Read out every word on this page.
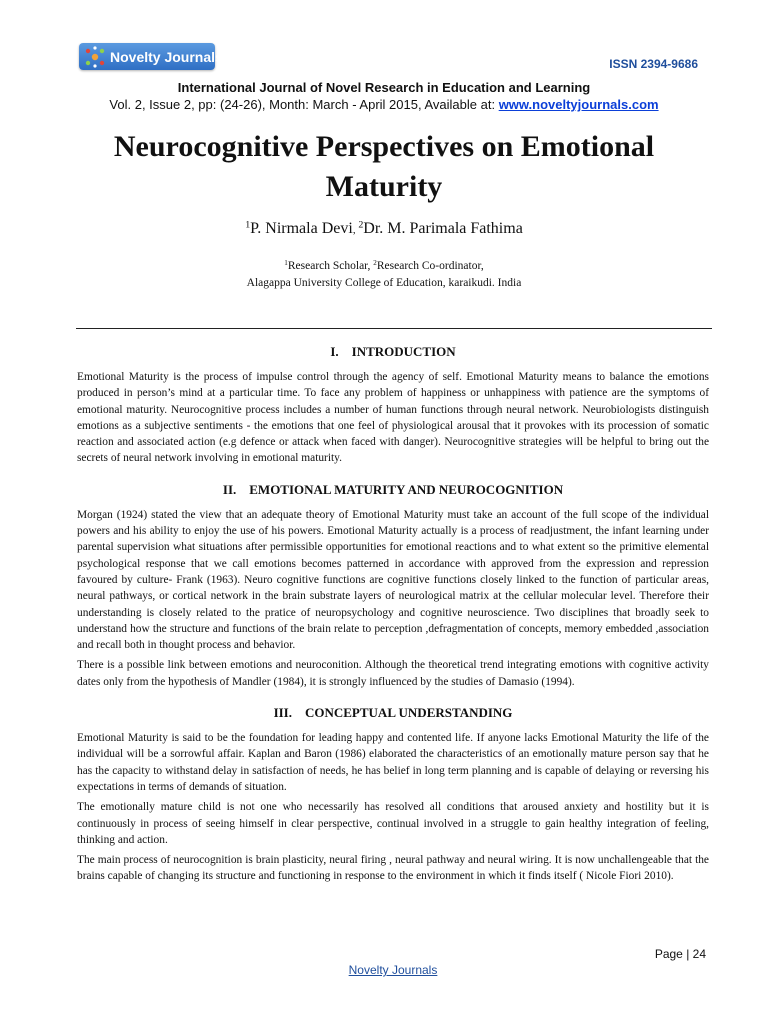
Novelty Journals	ISSN 2394-9686
International Journal of Novel Research in Education and Learning
Vol. 2, Issue 2, pp: (24-26), Month: March - April 2015, Available at: www.noveltyjournals.com
Neurocognitive Perspectives on Emotional Maturity
$^1$P. Nirmala Devi, $^2$Dr. M. Parimala Fathima
$^1$Research Scholar, $^2$Research Co-ordinator,
Alagappa University College of Education, karaikudi. India
I.    INTRODUCTION

Emotional Maturity is the process of impulse control through the agency of self. Emotional Maturity means to balance the emotions produced in person’s mind at a particular time. To face any problem of happiness or unhappiness with patience are the symptoms of emotional maturity. Neurocognitive process includes a number of human functions through neural network. Neurobiologists distinguish emotions as a subjective sentiments - the emotions that one feel of physiological arousal that it provokes with its procession of somatic reaction and associated action (e.g defence or attack when faced with danger). Neurocognitive strategies will be helpful to bring out the secrets of neural network involving in emotional maturity.

II.    EMOTIONAL MATURITY AND NEUROCOGNITION

Morgan (1924) stated the view that an adequate theory of Emotional Maturity must take an account of the full scope of the individual powers and his ability to enjoy the use of his powers. Emotional Maturity actually is a process of readjustment, the infant learning under parental supervision what situations after permissible opportunities for emotional reactions and to what extent so the primitive elemental psychological response that we call emotions becomes patterned in accordance with approved from the expression and repression favoured by culture- Frank (1963). Neuro cognitive functions are cognitive functions closely linked to the function of particular areas, neural pathways, or cortical network in the brain substrate layers of neurological matrix at the cellular molecular level. Therefore their understanding is closely related to the pratice of neuropsychology and cognitive neuroscience. Two disciplines that broadly seek to understand how the structure and functions of the brain relate to perception ,defragmentation of concepts, memory embedded ,association and recall both in thought process and behavior.

There is a possible link between emotions and neuroconition. Although the theoretical trend integrating emotions with cognitive activity dates only from the hypothesis of Mandler (1984), it is strongly influenced by the studies of Damasio (1994).

III.    CONCEPTUAL UNDERSTANDING

Emotional Maturity is said to be the foundation for leading happy and contented life. If anyone lacks Emotional Maturity the life of the individual will be a sorrowful affair. Kaplan and Baron (1986) elaborated the characteristics of an emotionally mature person say that he has the capacity to withstand delay in satisfaction of needs, he has belief in long term planning and is capable of delaying or reversing his expectations in terms of demands of situation.

The emotionally mature child is not one who necessarily has resolved all conditions that aroused anxiety and hostility but it is continuously in process of seeing himself in clear perspective, continual involved in a struggle to gain healthy integration of feeling, thinking and action.

The main process of neurocognition is brain plasticity, neural firing , neural pathway and neural wiring. It is now unchallengeable that the brains capable of changing its structure and functioning in response to the environment in which it finds itself ( Nicole Fiori 2010).

Page | 24
Novelty Journals
